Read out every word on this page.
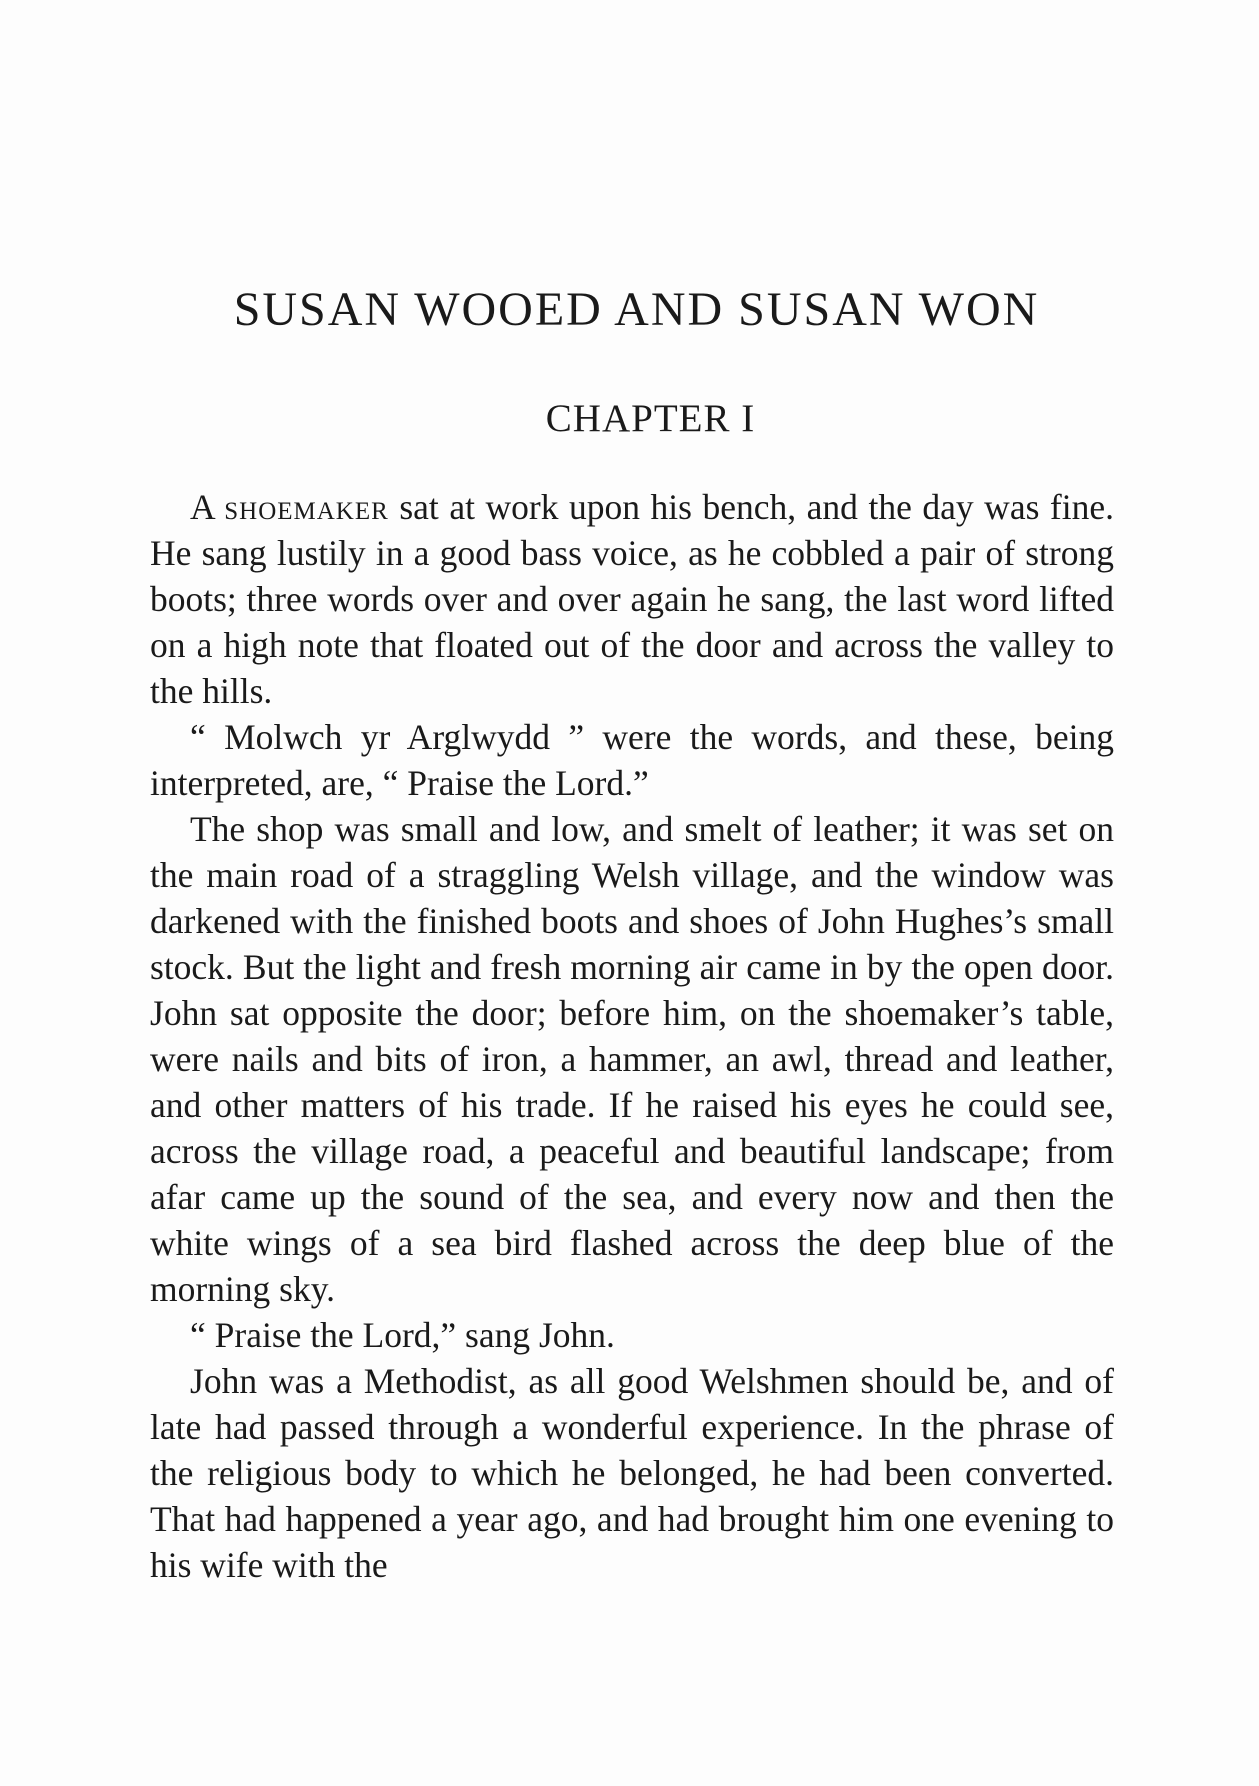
SUSAN WOOED AND SUSAN WON
CHAPTER I

A shoemaker sat at work upon his bench, and the day was fine. He sang lustily in a good bass voice, as he cobbled a pair of strong boots; three words over and over again he sang, the last word lifted on a high note that floated out of the door and across the valley to the hills.

“ Molwch yr Arglwydd ” were the words, and these, being interpreted, are, “ Praise the Lord.”

The shop was small and low, and smelt of leather; it was set on the main road of a straggling Welsh village, and the window was darkened with the finished boots and shoes of John Hughes’s small stock. But the light and fresh morning air came in by the open door. John sat opposite the door; before him, on the shoemaker’s table, were nails and bits of iron, a hammer, an awl, thread and leather, and other matters of his trade. If he raised his eyes he could see, across the village road, a peaceful and beautiful landscape; from afar came up the sound of the sea, and every now and then the white wings of a sea bird flashed across the deep blue of the morning sky.

“ Praise the Lord,” sang John.

John was a Methodist, as all good Welshmen should be, and of late had passed through a wonderful experience. In the phrase of the religious body to which he belonged, he had been converted. That had happened a year ago, and had brought him one evening to his wife with the
